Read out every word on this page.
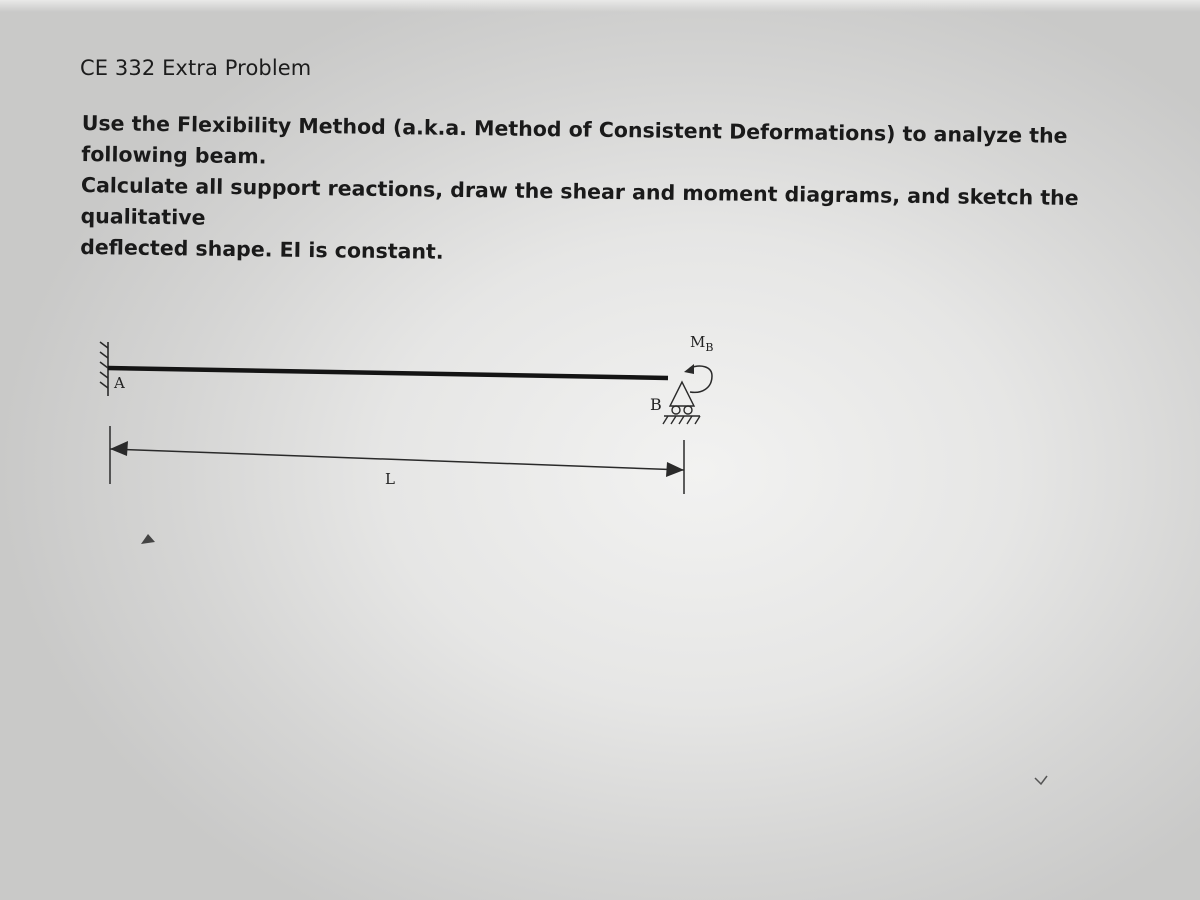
CE 332 Extra Problem

Use the Flexibility Method (a.k.a. Method of Consistent Deformations) to analyze the following beam.

Calculate all support reactions, draw the shear and moment diagrams, and sketch the qualitative

deflected shape. EI is constant.

A
B
$M_B$
L
